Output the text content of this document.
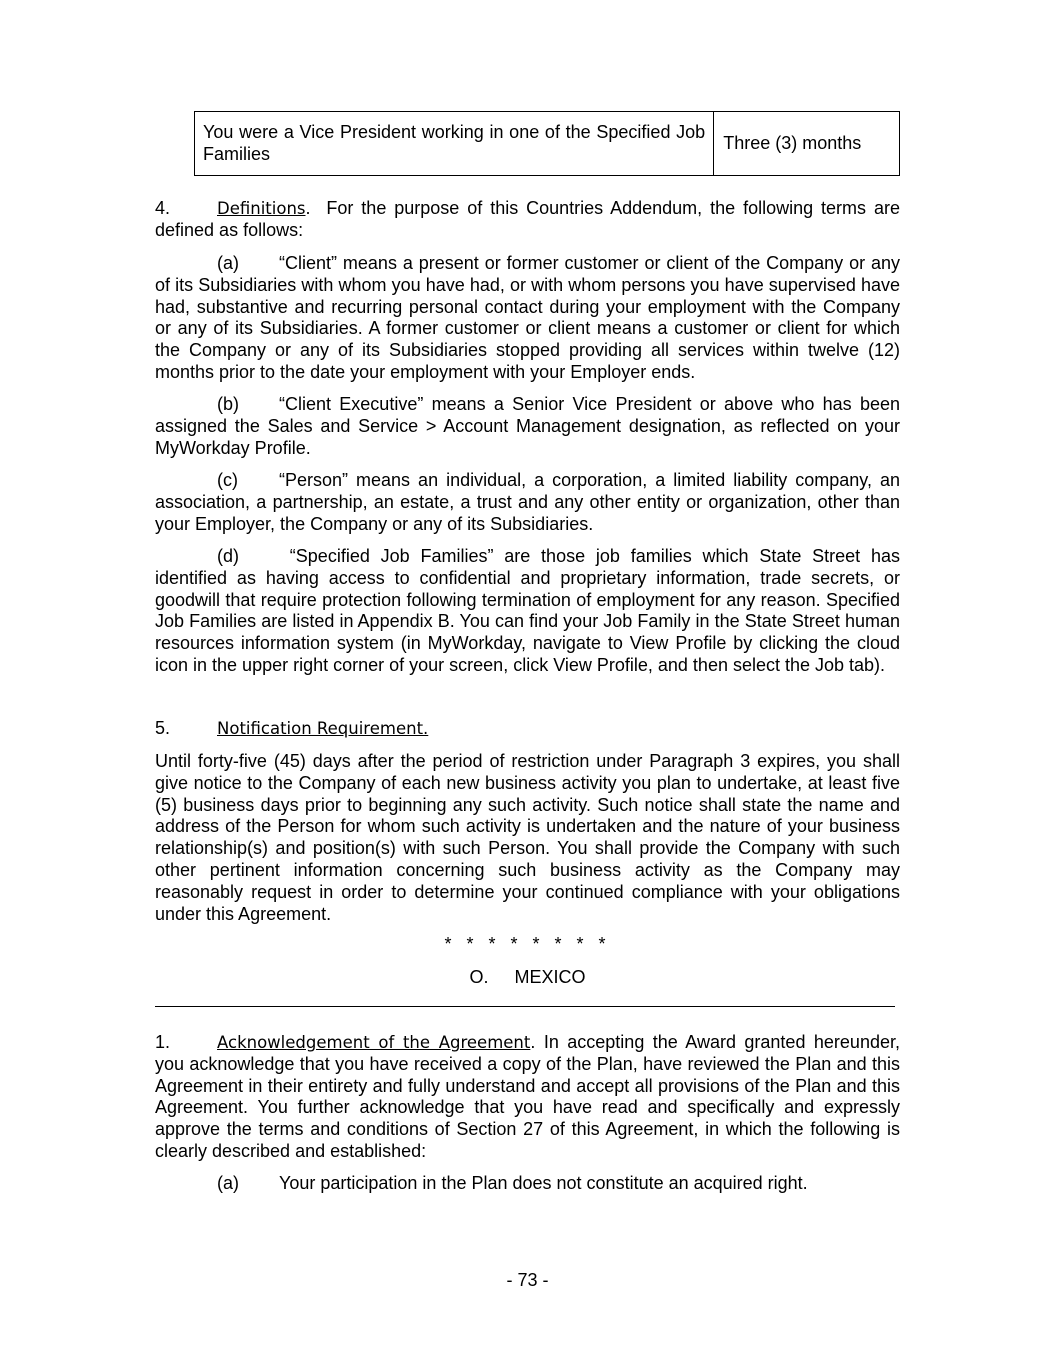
You were a Vice President working in one of the Specified Job Families	Three (3) months
4.	Definitions.  For the purpose of this Countries Addendum, the following terms are defined as follows:
(a) “Client” means a present or former customer or client of the Company or any of its Subsidiaries with whom you have had, or with whom persons you have supervised have had, substantive and recurring personal contact during your employment with the Company or any of its Subsidiaries. A former customer or client means a customer or client for which the Company or any of its Subsidiaries stopped providing all services within twelve (12) months prior to the date your employment with your Employer ends.
(b) “Client Executive” means a Senior Vice President or above who has been assigned the Sales and Service > Account Management designation, as reflected on your MyWorkday Profile.
(c) “Person” means an individual, a corporation, a limited liability company, an association, a partnership, an estate, a trust and any other entity or organization, other than your Employer, the Company or any of its Subsidiaries.
(d) “Specified Job Families” are those job families which State Street has identified as having access to confidential and proprietary information, trade secrets, or goodwill that require protection following termination of employment for any reason. Specified Job Families are listed in Appendix B. You can find your Job Family in the State Street human resources information system (in MyWorkday, navigate to View Profile by clicking the cloud icon in the upper right corner of your screen, click View Profile, and then select the Job tab).
5.	Notification Requirement.
Until forty-five (45) days after the period of restriction under Paragraph 3 expires, you shall give notice to the Company of each new business activity you plan to undertake, at least five (5) business days prior to beginning any such activity. Such notice shall state the name and address of the Person for whom such activity is undertaken and the nature of your business relationship(s) and position(s) with such Person. You shall provide the Company with such other pertinent information concerning such business activity as the Company may reasonably request in order to determine your continued compliance with your obligations under this Agreement.
* * * * * * * *
O. MEXICO
1.	Acknowledgement of the Agreement. In accepting the Award granted hereunder, you acknowledge that you have received a copy of the Plan, have reviewed the Plan and this Agreement in their entirety and fully understand and accept all provisions of the Plan and this Agreement. You further acknowledge that you have read and specifically and expressly approve the terms and conditions of Section 27 of this Agreement, in which the following is clearly described and established:
(a) Your participation in the Plan does not constitute an acquired right.
- 73 -
